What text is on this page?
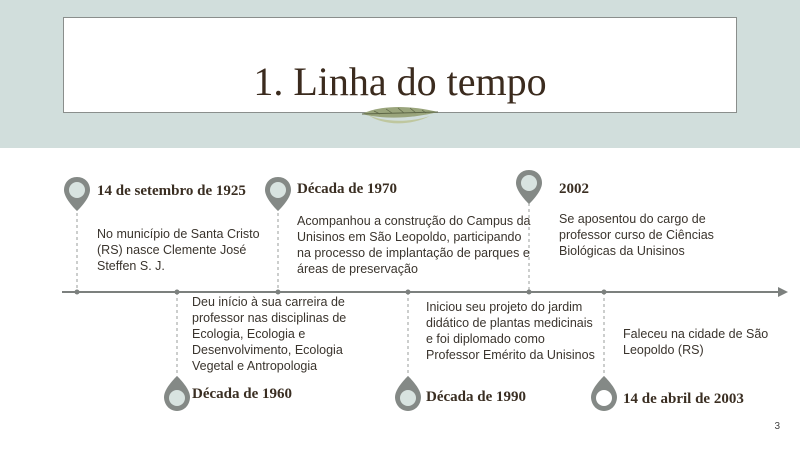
1. Linha do tempo
14 de setembro de 1925
No município de Santa Cristo (RS) nasce Clemente José Steffen S. J.
Década de 1960
Deu início à sua carreira de professor nas disciplinas de Ecologia, Ecologia e Desenvolvimento, Ecologia Vegetal e Antropologia
Década de 1970
Acompanhou a construção do Campus da Unisinos em São Leopoldo, participando na processo de implantação de parques e áreas de preservação
Década de 1990
Iniciou seu projeto do jardim didático de plantas medicinais e foi diplomado como Professor Emérito da Unisinos
2002
Se aposentou do cargo de professor curso de Ciências Biológicas da Unisinos
14 de abril de 2003
Faleceu na cidade de São Leopoldo (RS)
3
